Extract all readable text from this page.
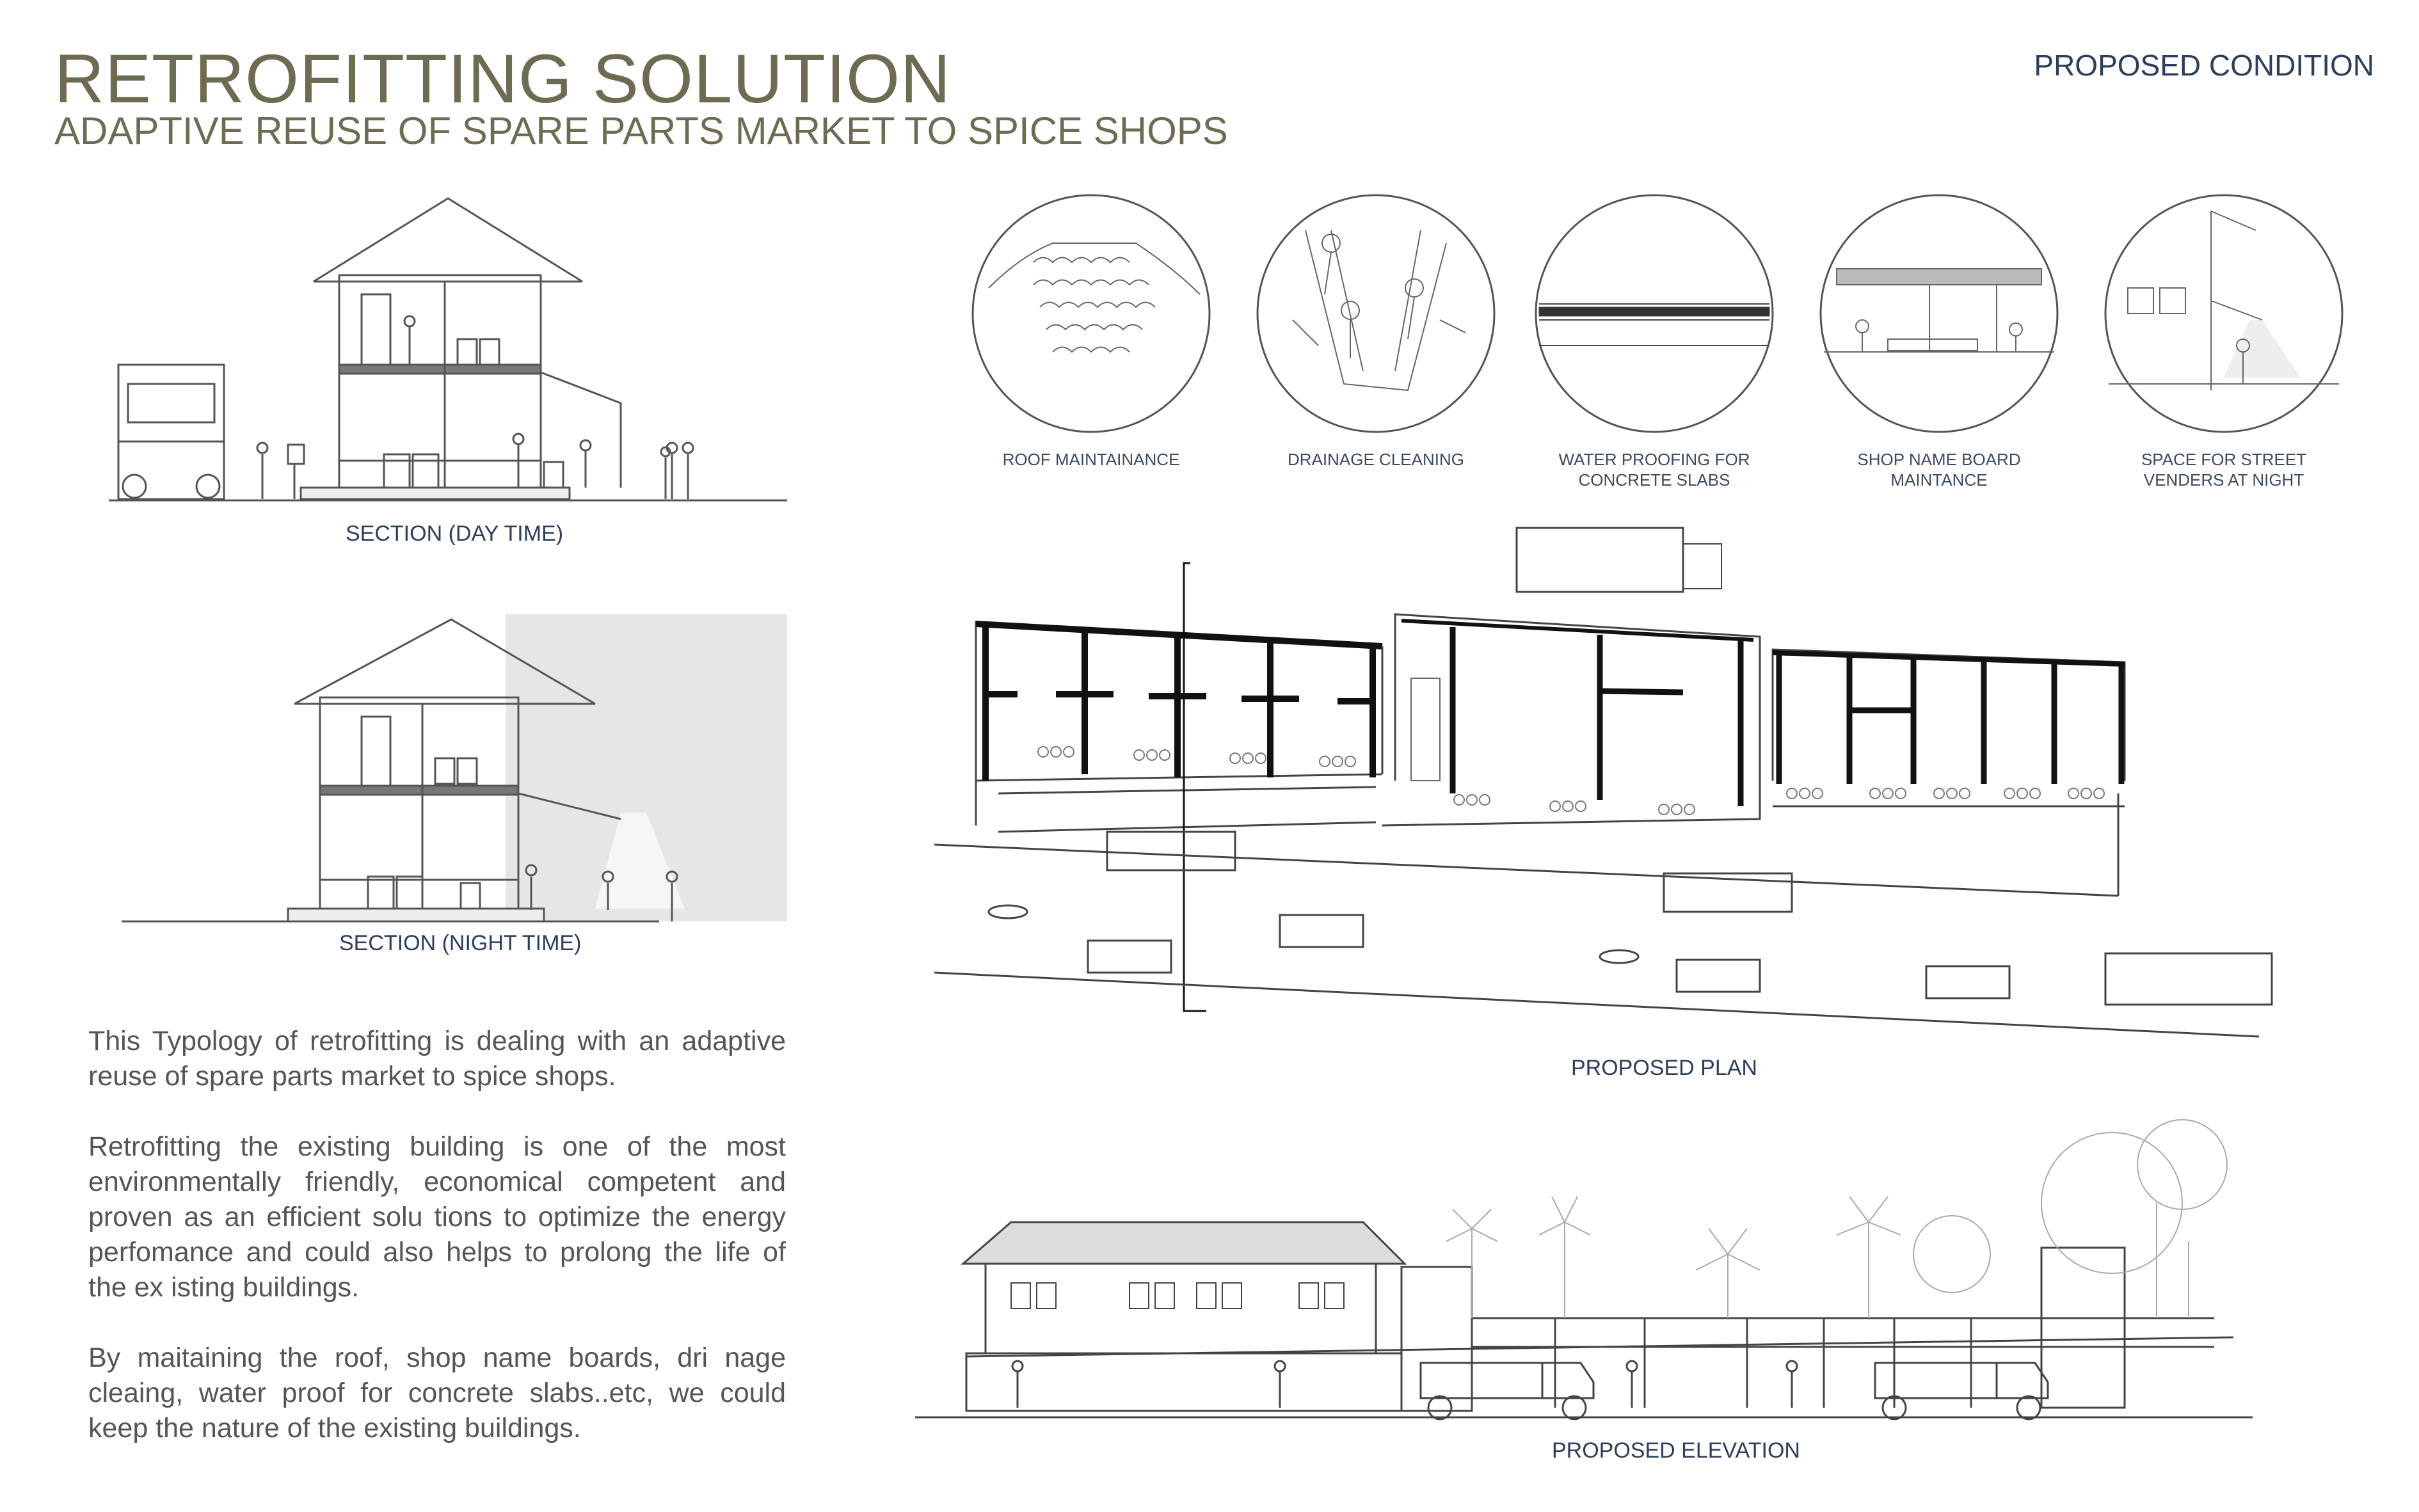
RETROFITTING SOLUTION
ADAPTIVE REUSE OF SPARE PARTS MARKET TO SPICE SHOPS
PROPOSED CONDITION
SECTION (DAY TIME)
SECTION (NIGHT TIME)
This Typology of retrofitting is dealing with an adaptive reuse of spare parts market to spice shops.
Retrofitting the existing building is one of the most environmentally friendly, economical competent and proven as an efficient solu tions to optimize the energy perfomance and could also helps to prolong the life of the ex isting buildings.
By maitaining the roof, shop name boards, dri nage cleaing, water proof for concrete slabs..etc, we could keep the nature of the existing buildings.
ROOF MAINTAINANCE	DRAINAGE CLEANING	WATER PROOFING FOR CONCRETE SLABS
SHOP NAME BOARD MAINTANCE
SPACE FOR STREET VENDERS AT NIGHT
PROPOSED PLAN
PROPOSED ELEVATION
